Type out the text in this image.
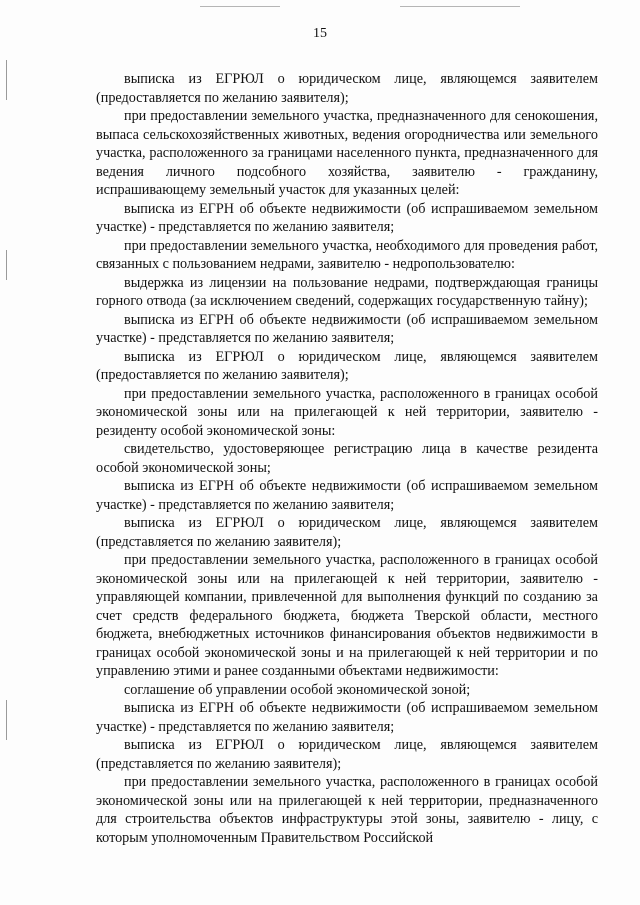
15

выписка из ЕГРЮЛ о юридическом лице, являющемся заявителем (предоставляется по желанию заявителя);

при предоставлении земельного участка, предназначенного для сенокошения, выпаса сельскохозяйственных животных, ведения огородничества или земельного участка, расположенного за границами населенного пункта, предназначенного для ведения личного подсобного хозяйства, заявителю - гражданину, испрашивающему земельный участок для указанных целей:

выписка из ЕГРН об объекте недвижимости (об испрашиваемом земельном участке) - представляется по желанию заявителя;

при предоставлении земельного участка, необходимого для проведения работ, связанных с пользованием недрами, заявителю - недропользователю:

выдержка из лицензии на пользование недрами, подтверждающая границы горного отвода (за исключением сведений, содержащих государственную тайну);

выписка из ЕГРН об объекте недвижимости (об испрашиваемом земельном участке) - представляется по желанию заявителя;

выписка из ЕГРЮЛ о юридическом лице, являющемся заявителем (предоставляется по желанию заявителя);

при предоставлении земельного участка, расположенного в границах особой экономической зоны или на прилегающей к ней территории, заявителю - резиденту особой экономической зоны:

свидетельство, удостоверяющее регистрацию лица в качестве резидента особой экономической зоны;

выписка из ЕГРН об объекте недвижимости (об испрашиваемом земельном участке) - представляется по желанию заявителя;

выписка из ЕГРЮЛ о юридическом лице, являющемся заявителем (представляется по желанию заявителя);

при предоставлении земельного участка, расположенного в границах особой экономической зоны или на прилегающей к ней территории, заявителю - управляющей компании, привлеченной для выполнения функций по созданию за счет средств федерального бюджета, бюджета Тверской области, местного бюджета, внебюджетных источников финансирования объектов недвижимости в границах особой экономической зоны и на прилегающей к ней территории и по управлению этими и ранее созданными объектами недвижимости:

соглашение об управлении особой экономической зоной;

выписка из ЕГРН об объекте недвижимости (об испрашиваемом земельном участке) - представляется по желанию заявителя;

выписка из ЕГРЮЛ о юридическом лице, являющемся заявителем (представляется по желанию заявителя);

при предоставлении земельного участка, расположенного в границах особой экономической зоны или на прилегающей к ней территории, предназначенного для строительства объектов инфраструктуры этой зоны, заявителю - лицу, с которым уполномоченным Правительством Российской
